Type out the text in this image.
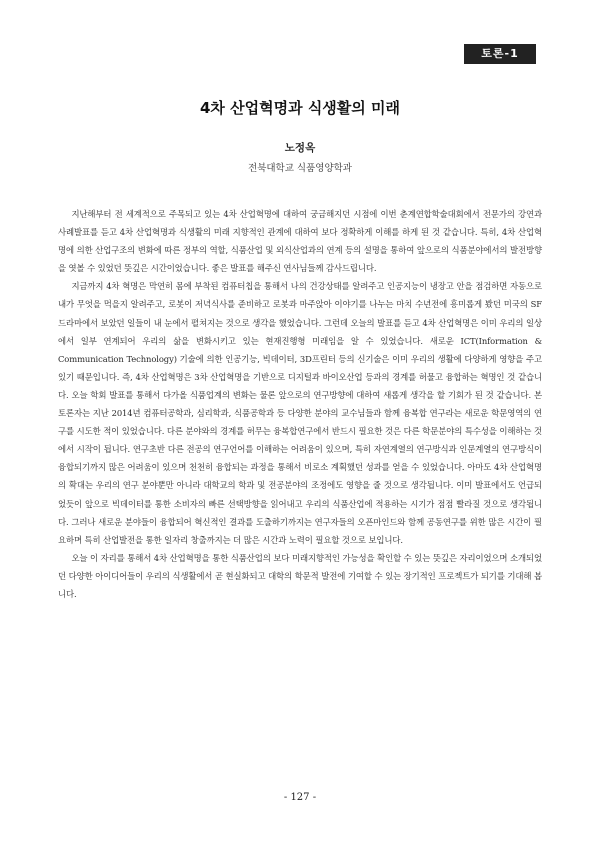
토론-1
4차 산업혁명과 식생활의 미래
노정옥
전북대학교 식품영양학과

지난해부터 전 세계적으로 주목되고 있는 4차 산업혁명에 대하여 궁금해지던 시점에 이번 춘계연합학술대회에서 전문가의 강연과 사례발표를 듣고 4차 산업혁명과 식생활의 미래 지향적인 관계에 대하여 보다 정확하게 이해를 하게 된 것 같습니다. 특히, 4차 산업혁명에 의한 산업구조의 변화에 따른 정부의 역할, 식품산업 및 외식산업과의 연계 등의 설명을 통하여 앞으로의 식품분야에서의 발전방향을 엿볼 수 있었던 뜻깊은 시간이었습니다. 좋은 발표를 해주신 연사님들께 감사드립니다.

지금까지 4차 혁명은 막연히 몸에 부착된 컴퓨터칩을 통해서 나의 건강상태를 알려주고 인공지능이 냉장고 안을 점검하면 자동으로 내가 무엇을 먹을지 알려주고, 로봇이 저녁식사를 준비하고 로봇과 마주앉아 이야기를 나누는 마치 수년전에 흥미롭게 봤던 미국의 SF드라마에서 보았던 일들이 내 눈에서 펼쳐지는 것으로 생각을 했었습니다. 그런데 오늘의 발표를 듣고 4차 산업혁명은 이미 우리의 일상에서 일부 연계되어 우리의 삶을 변화시키고 있는 현재진행형 미래임을 알 수 있었습니다. 새로운 ICT(Information & Communication Technology) 기술에 의한 인공기능, 빅데이터, 3D프린터 등의 신기술은 이미 우리의 생활에 다양하게 영향을 주고 있기 때문입니다. 즉, 4차 산업혁명은 3차 산업혁명을 기반으로 디지털과 바이오산업 등과의 경계를 허물고 융합하는 혁명인 것 같습니다. 오늘 학회 발표를 통해서 다가올 식품업계의 변화는 물론 앞으로의 연구방향에 대하여 새롭게 생각을 할 기회가 된 것 같습니다. 본 토론자는 지난 2014년 컴퓨터공학과, 심리학과, 식품공학과 등 다양한 분야의 교수님들과 함께 융복합 연구라는 새로운 학문영역의 연구를 시도한 적이 있었습니다. 다른 분야와의 경계를 허무는 융복합연구에서 반드시 필요한 것은 다른 학문분야의 특수성을 이해하는 것에서 시작이 됩니다. 연구초반 다른 전공의 연구언어를 이해하는 어려움이 있으며, 특히 자연계열의 연구방식과 인문계열의 연구방식이 융합되기까지 많은 어려움이 있으며 천천히 융합되는 과정을 통해서 비로소 계획했던 성과를 얻을 수 있었습니다. 아마도 4차 산업혁명의 확대는 우리의 연구 분야뿐만 아니라 대학교의 학과 및 전공분야의 조정에도 영향을 줄 것으로 생각됩니다. 이미 발표에서도 언급되었듯이 앞으로 빅데이터를 통한 소비자의 빠른 선택방향을 읽어내고 우리의 식품산업에 적용하는 시기가 점점 빨라질 것으로 생각됩니다. 그러나 새로운 분야들이 융합되어 혁신적인 결과를 도출하기까지는 연구자들의 오픈마인드와 함께 공동연구를 위한 많은 시간이 필요하며 특히 산업발전을 통한 일자리 창출까지는 더 많은 시간과 노력이 필요할 것으로 보입니다.

오늘 이 자리를 통해서 4차 산업혁명을 통한 식품산업의 보다 미래지향적인 가능성을 확인할 수 있는 뜻깊은 자리이었으며 소개되었던 다양한 아이디어들이 우리의 식생활에서 곧 현실화되고 대학의 학문적 발전에 기여할 수 있는 장기적인 프로젝트가 되기를 기대해 봅니다.

- 127 -
